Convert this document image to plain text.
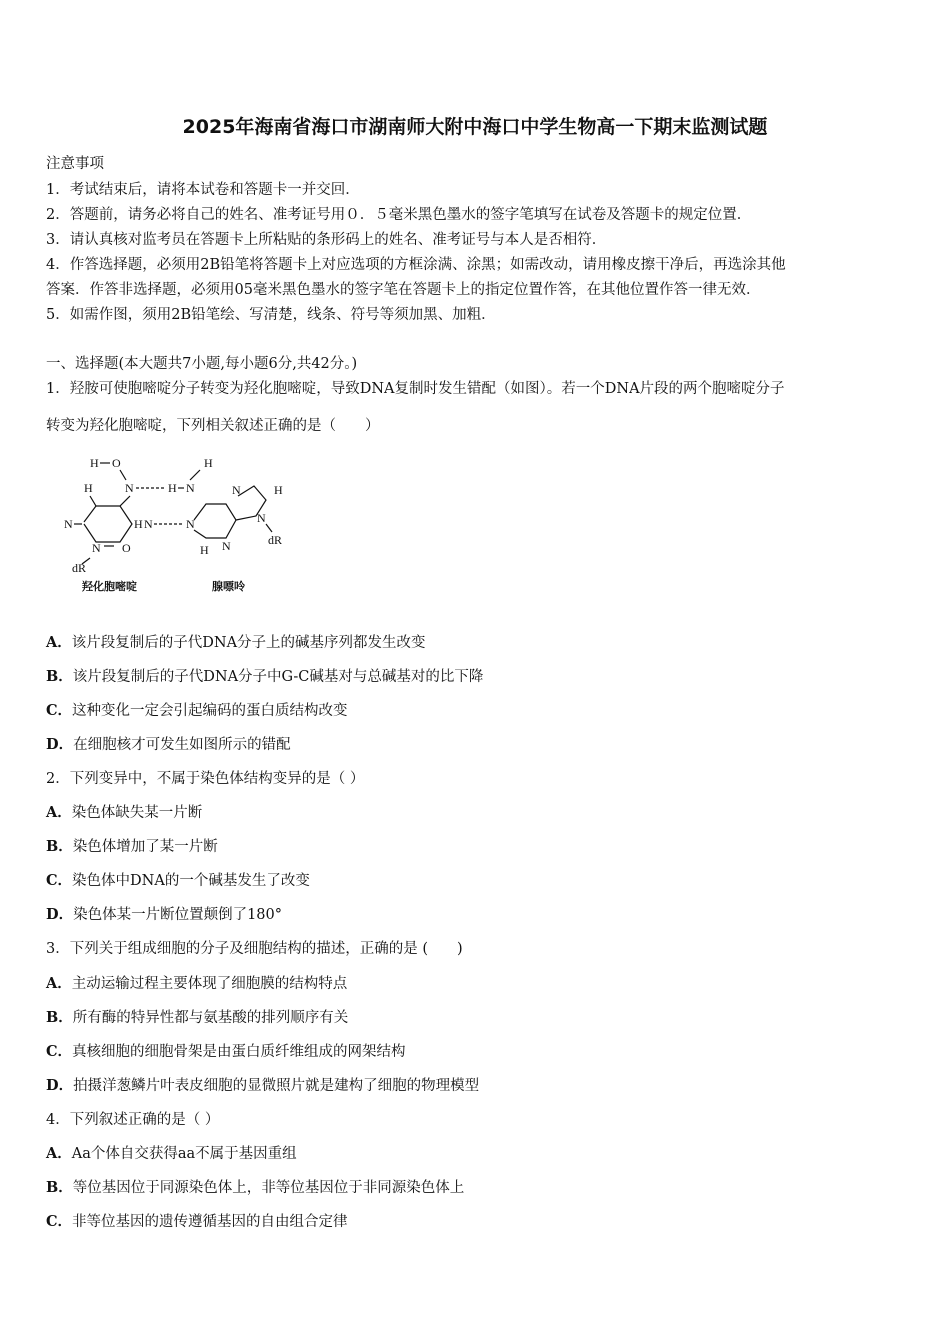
2025年海南省海口市湖南师大附中海口中学生物高一下期末监测试题
注意事项
1．考试结束后，请将本试卷和答题卡一并交回．
2．答题前，请务必将自己的姓名、准考证号用０．５毫米黑色墨水的签字笔填写在试卷及答题卡的规定位置．
3．请认真核对监考员在答题卡上所粘贴的条形码上的姓名、准考证号与本人是否相符．
4．作答选择题，必须用2B铅笔将答题卡上对应选项的方框涂满、涂黑；如需改动，请用橡皮擦干净后，再选涂其他
答案．作答非选择题，必须用05毫米黑色墨水的签字笔在答题卡上的指定位置作答，在其他位置作答一律无效．
5．如需作图，须用2B铅笔绘、写清楚，线条、符号等须加黑、加粗．
一、选择题(本大题共7小题,每小题6分,共42分。)
1．羟胺可使胞嘧啶分子转变为羟化胞嘧啶，导致DNA复制时发生错配（如图）。若一个DNA片段的两个胞嘧啶分子
转变为羟化胞嘧啶，下列相关叙述正确的是（　　）
H O
N	H N
H
H
N	H N
N O
dR
N
N
N
H
dR
H N
羟化胞嘧啶	腺嘌呤
A．该片段复制后的子代DNA分子上的碱基序列都发生改变
B．该片段复制后的子代DNA分子中G-C碱基对与总碱基对的比下降
C．这种变化一定会引起编码的蛋白质结构改变
D．在细胞核才可发生如图所示的错配
2．下列变异中，不属于染色体结构变异的是（ ）
A．染色体缺失某一片断
B．染色体增加了某一片断
C．染色体中DNA的一个碱基发生了改变
D．染色体某一片断位置颠倒了180°
3．下列关于组成细胞的分子及细胞结构的描述，正确的是 (　　)
A．主动运输过程主要体现了细胞膜的结构特点
B．所有酶的特异性都与氨基酸的排列顺序有关
C．真核细胞的细胞骨架是由蛋白质纤维组成的网架结构
D．拍摄洋葱鳞片叶表皮细胞的显微照片就是建构了细胞的物理模型
4．下列叙述正确的是（ ）
A．Aa个体自交获得aa不属于基因重组
B．等位基因位于同源染色体上，非等位基因位于非同源染色体上
C．非等位基因的遗传遵循基因的自由组合定律
